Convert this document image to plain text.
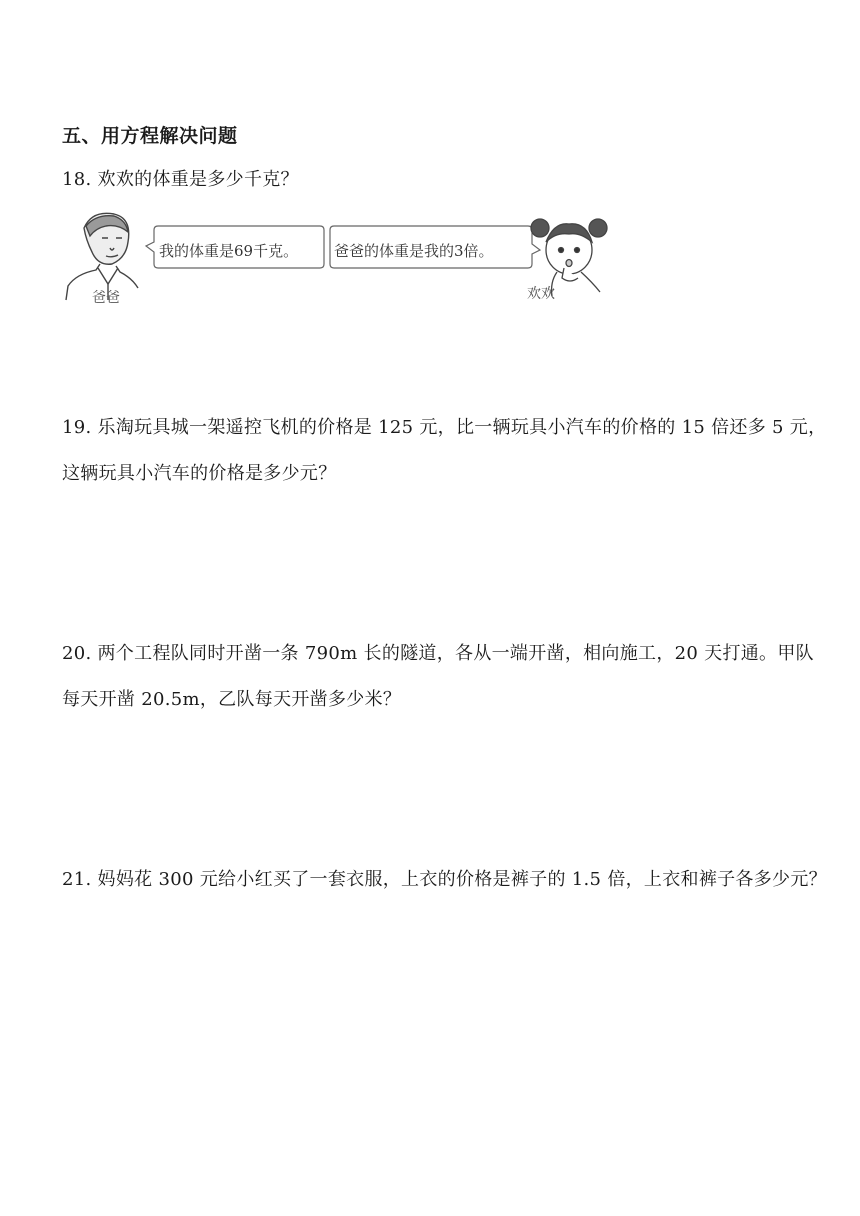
五、用方程解决问题
18. 欢欢的体重是多少千克？
我的体重是69千克。 爸爸的体重是我的3倍。
爸爸	欢欢
19. 乐淘玩具城一架遥控飞机的价格是 125 元，比一辆玩具小汽车的价格的 15 倍还多 5 元，这辆玩具小汽车的价格是多少元？
20. 两个工程队同时开凿一条 790m 长的隧道，各从一端开凿，相向施工，20 天打通。甲队每天开凿 20.5m，乙队每天开凿多少米？
21. 妈妈花 300 元给小红买了一套衣服，上衣的价格是裤子的 1.5 倍，上衣和裤子各多少元？
